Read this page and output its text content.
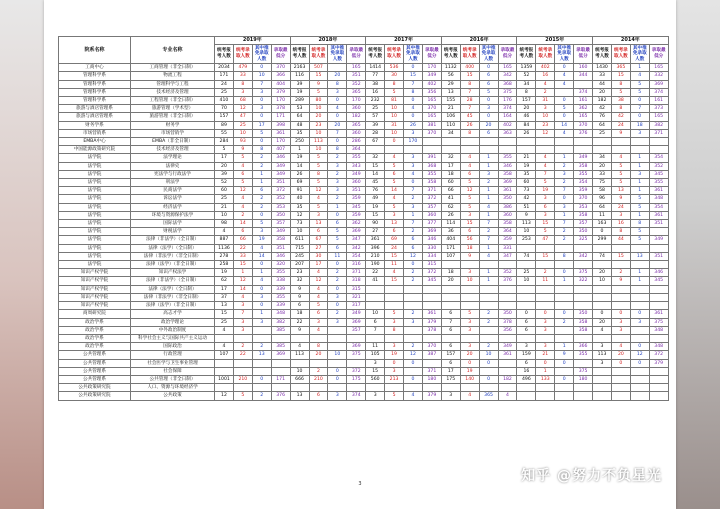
院系名称	专业名称	2019年				2018年				2017年				2016年				2015年				2014年			
		统考报考人数	统考录取人数	其中推免录取人数	录取最低分	统考报考人数	统考录取人数	其中推免录取人数	录取最低分	统考报考人数	统考录取人数	其中推免录取人数	录取最低分	统考报考人数	统考录取人数	其中推免录取人数	录取最低分	统考报考人数	统考录取人数	其中推免录取人数	录取最低分	统考报考人数	统考录取人数	其中推免录取人数	录取最低分
工商中心	工商管理（非全日制）	2034	479	0	370	2163	507		165	1414	536	0	170	1132	400	0	165	1359	402	0	160	1430	365	1	165
管理科学系	物流工程	171	33	10	366	116	15	20	351	77	30	15	349	56	15	6	342	52	16	4	344	33	15	4	332
管理科学系	管理科学与工程	24	8	7	404	39	9	8	352	38	8	7	402	29	8	6	368	34	4	4		44	8	5	369
管理科学系	技术经济及管理	25	3	3	379	19	5	3	365	16	5	8	356	13	7	5	375	8	2		374	20	5	5	374
管理科学系	工程管理（非全日制）	410	68	0	170	289	80	0	170	232	81	0	165	155	28	0	176	157	31	0	161	182	38	0	161
旅游与酒店管理系	旅游管理（学术型）	70	12	3	378	53	10	4	360	25	10	4	370	21	7	3	374	20	3	5	362	42	8	7	373
旅游与酒店管理系	旅游管理（非全日制）	157	47	0	171	64	20	0	182	57	10	0	165	106	45	0	164	46	10	0	165	76	42	0	165
财务学系	财务学	89	25	17	398	48	23	20	365	39	31	26	381	110	26	20	402	84	23	14	370	64	24	18	382
市场营销系	市场营销学	55	10	5	361	35	10	7	360	28	10	3	370	34	8	6	363	26	12	4	376	25	9	3	371
EMBA中心	EMBA（非全日制）	284	93	0	170	250	113	0	286	67	0	170													
中国能源政策研究院	技术经济及管理	5	9	8	407	1	10	8	364																
法学院	法学理论	17	5	2	346	19	5	2	355	32	4	3	391	32	4	1	355	21	4	1	349	34	4	1	354
法学院	法律史	20	4	2	349	14	5	3	343	15	5	3	368	17	4	1	346	19	4	2	358	20	5	1	352
法学院	宪法学与行政法学	39	6	1	349	26	8	2	349	14	6	4	355	18	6	3	358	35	7	3	355	33	5	3	345
法学院	刑法学	52	5	1	351	69	5	3	360	45	5	0	358	60	5	2	369	60	5	2	354	75	5	1	355
法学院	民商法学	60	12	6	372	91	12	3	351	76	14	7	371	66	12	1	361	73	19	7	359	58	13	1	361
法学院	诉讼法学	25	4	2	352	40	4	2	359	49	4	2	372	41	5	1	350	42	3	0	370	96	9	5	348
法学院	经济法学	21	4	2	353	35	5	1	345	19	5	3	357	62	5	4	386	51	6	3	353	64	24	5	354
法学院	环境与资源保护法学	10	2	0	350	12	3	0	359	15	3	1	360	26	3	1	360	9	3	1	358	11	3	1	361
法学院	国际法学	98	14	5	357	73	13	6	362	90	13	7	377	114	15	7	358	113	15	7	357	163	16	8	351
法学院	财税法学	4	6	3	349	10	6	5	369	27	6	2	369	36	6	2	364	10	5	2	350	0	8	5	
法学院	法律（非法学）（全日制）	887	66	19	358	611	67	5	347	361	69	6	346	404	56	7	359	253	47	2	325	299	44	5	349
法学院	法律（法学）（全日制）	1136	22	4	351	715	27	6	342	396	24	6	330	171	18	1	331								
法学院	法律（非法学）（非全日制）	278	33	14	346	245	30	11	354	210	15	12	334	107	9	4	347	74	15	8	342	74	15	13	351
法学院	法律（法学）（非全日制）	258	15	0	320	207	17	0	316	190	11	0	315												
知识产权学院	知识产权法学	19	1	1	355	23	4	2	371	22	4	2	372	18	3	1	352	25	2	0	375	20	2	1	346
知识产权学院	法律（非法学）（全日制）	62	12	4	338	32	12	2	318	41	15	2	345	20	10	1	376	10	11	1	322	10	9	1	345
知识产权学院	法律（法学）（全日制）	17	14	0	339	9	4	0	315																
知识产权学院	法律（非法学）（非全日制）	37	4	3	355	9	4	3	321																
知识产权学院	法律（法学）（非全日制）	13	3	0	339	6	5	0	317																
商周研究院	高志才学	15	7	1	348	18	6	2	349	10	5	2	361	6	5	2	350	0	0	0	350	0	0	0	361
政治学系	政治学理论	25	3	3	382	22	3	3	369	6	3	3	379	7	3	2	378	6	3	2	358	20	3	3	375
政治学系	中外政治制度	4	3		385	9	4		357	7	8		378	6	3		356	6	3		358	4	3		348
政治学系	科学社会主义与国际共产主义运动																								
政治学系	国际政治	4	2	2	385	4	8		369	11	3	2	370	6	3	2	349	3	3	1	366	3	4	0	348
公共管理系	行政管理	107	22	13	369	113	20	10	375	105	19	12	387	157	20	10	361	159	21	9	355	113	20	12	372
公共管理系	社会医学与卫生事业管理									3	0	0		6	0	0		6	0	0		3	0	0	379
公共管理系	社会保障					10	2	0	372	15	3		371	17	19			16	1		375				
公共管理系	公共管理（非全日制）	1001	210	0	171	666	210	0	175	560	213	0	180	175	140	0	182	496	133	0	180				
公共政策研究院	人口、资源与环境经济学																								
公共政策研究院	公共政策	12	5	2	376	13	6	3	374	3	5	4	379	3	4	365	4								
3	知乎 @努力不负星光
